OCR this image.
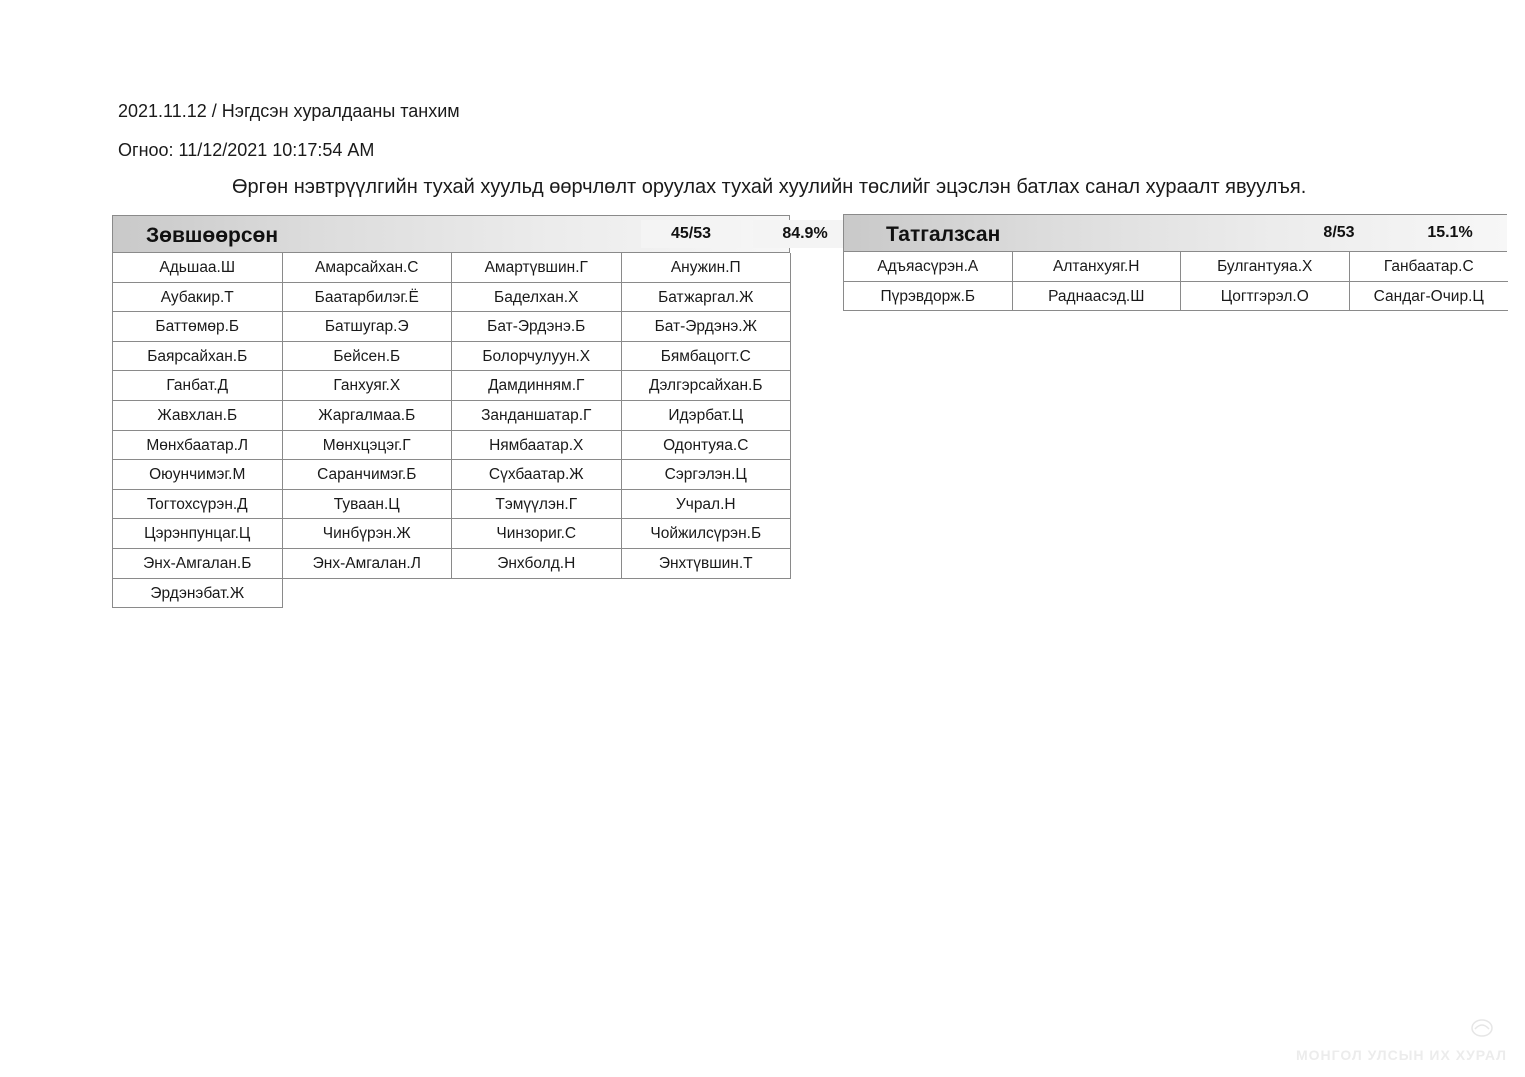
2021.11.12 / Нэгдсэн хуралдааны танхим
Огноо: 11/12/2021 10:17:54 AM
Өргөн нэвтрүүлгийн тухай хуульд өөрчлөлт оруулах тухай хуулийн төслийг эцэслэн батлах санал хураалт явуулъя.
Зөвшөөрсөн	45/53	84.9%
Адьшаа.Ш	Амарсайхан.С	Амартүвшин.Г	Анужин.П
Аубакир.Т	Баатарбилэг.Ё	Баделхан.Х	Батжаргал.Ж
Баттөмөр.Б	Батшугар.Э	Бат-Эрдэнэ.Б	Бат-Эрдэнэ.Ж
Баярсайхан.Б	Бейсен.Б	Болорчулуун.Х	Бямбацогт.С
Ганбат.Д	Ганхуяг.Х	Дамдинням.Г	Дэлгэрсайхан.Б
Жавхлан.Б	Жаргалмаа.Б	Занданшатар.Г	Идэрбат.Ц
Мөнхбаатар.Л	Мөнхцэцэг.Г	Нямбаатар.Х	Одонтуяа.С
Оюунчимэг.М	Саранчимэг.Б	Сүхбаатар.Ж	Сэргэлэн.Ц
Тогтохсүрэн.Д	Туваан.Ц	Тэмүүлэн.Г	Учрал.Н
Цэрэнпунцаг.Ц	Чинбүрэн.Ж	Чинзориг.С	Чойжилсүрэн.Б
Энх-Амгалан.Б	Энх-Амгалан.Л	Энхболд.Н	Энхтүвшин.Т
Эрдэнэбат.Ж
Татгалзсан	8/53	15.1%
Адъяасүрэн.А	Алтанхуяг.Н	Булгантуяа.Х	Ганбаатар.С
Пүрэвдорж.Б	Раднаасэд.Ш	Цогтгэрэл.О	Сандаг-Очир.Ц
МОНГОЛ УЛСЫН ИХ ХУРАЛ
